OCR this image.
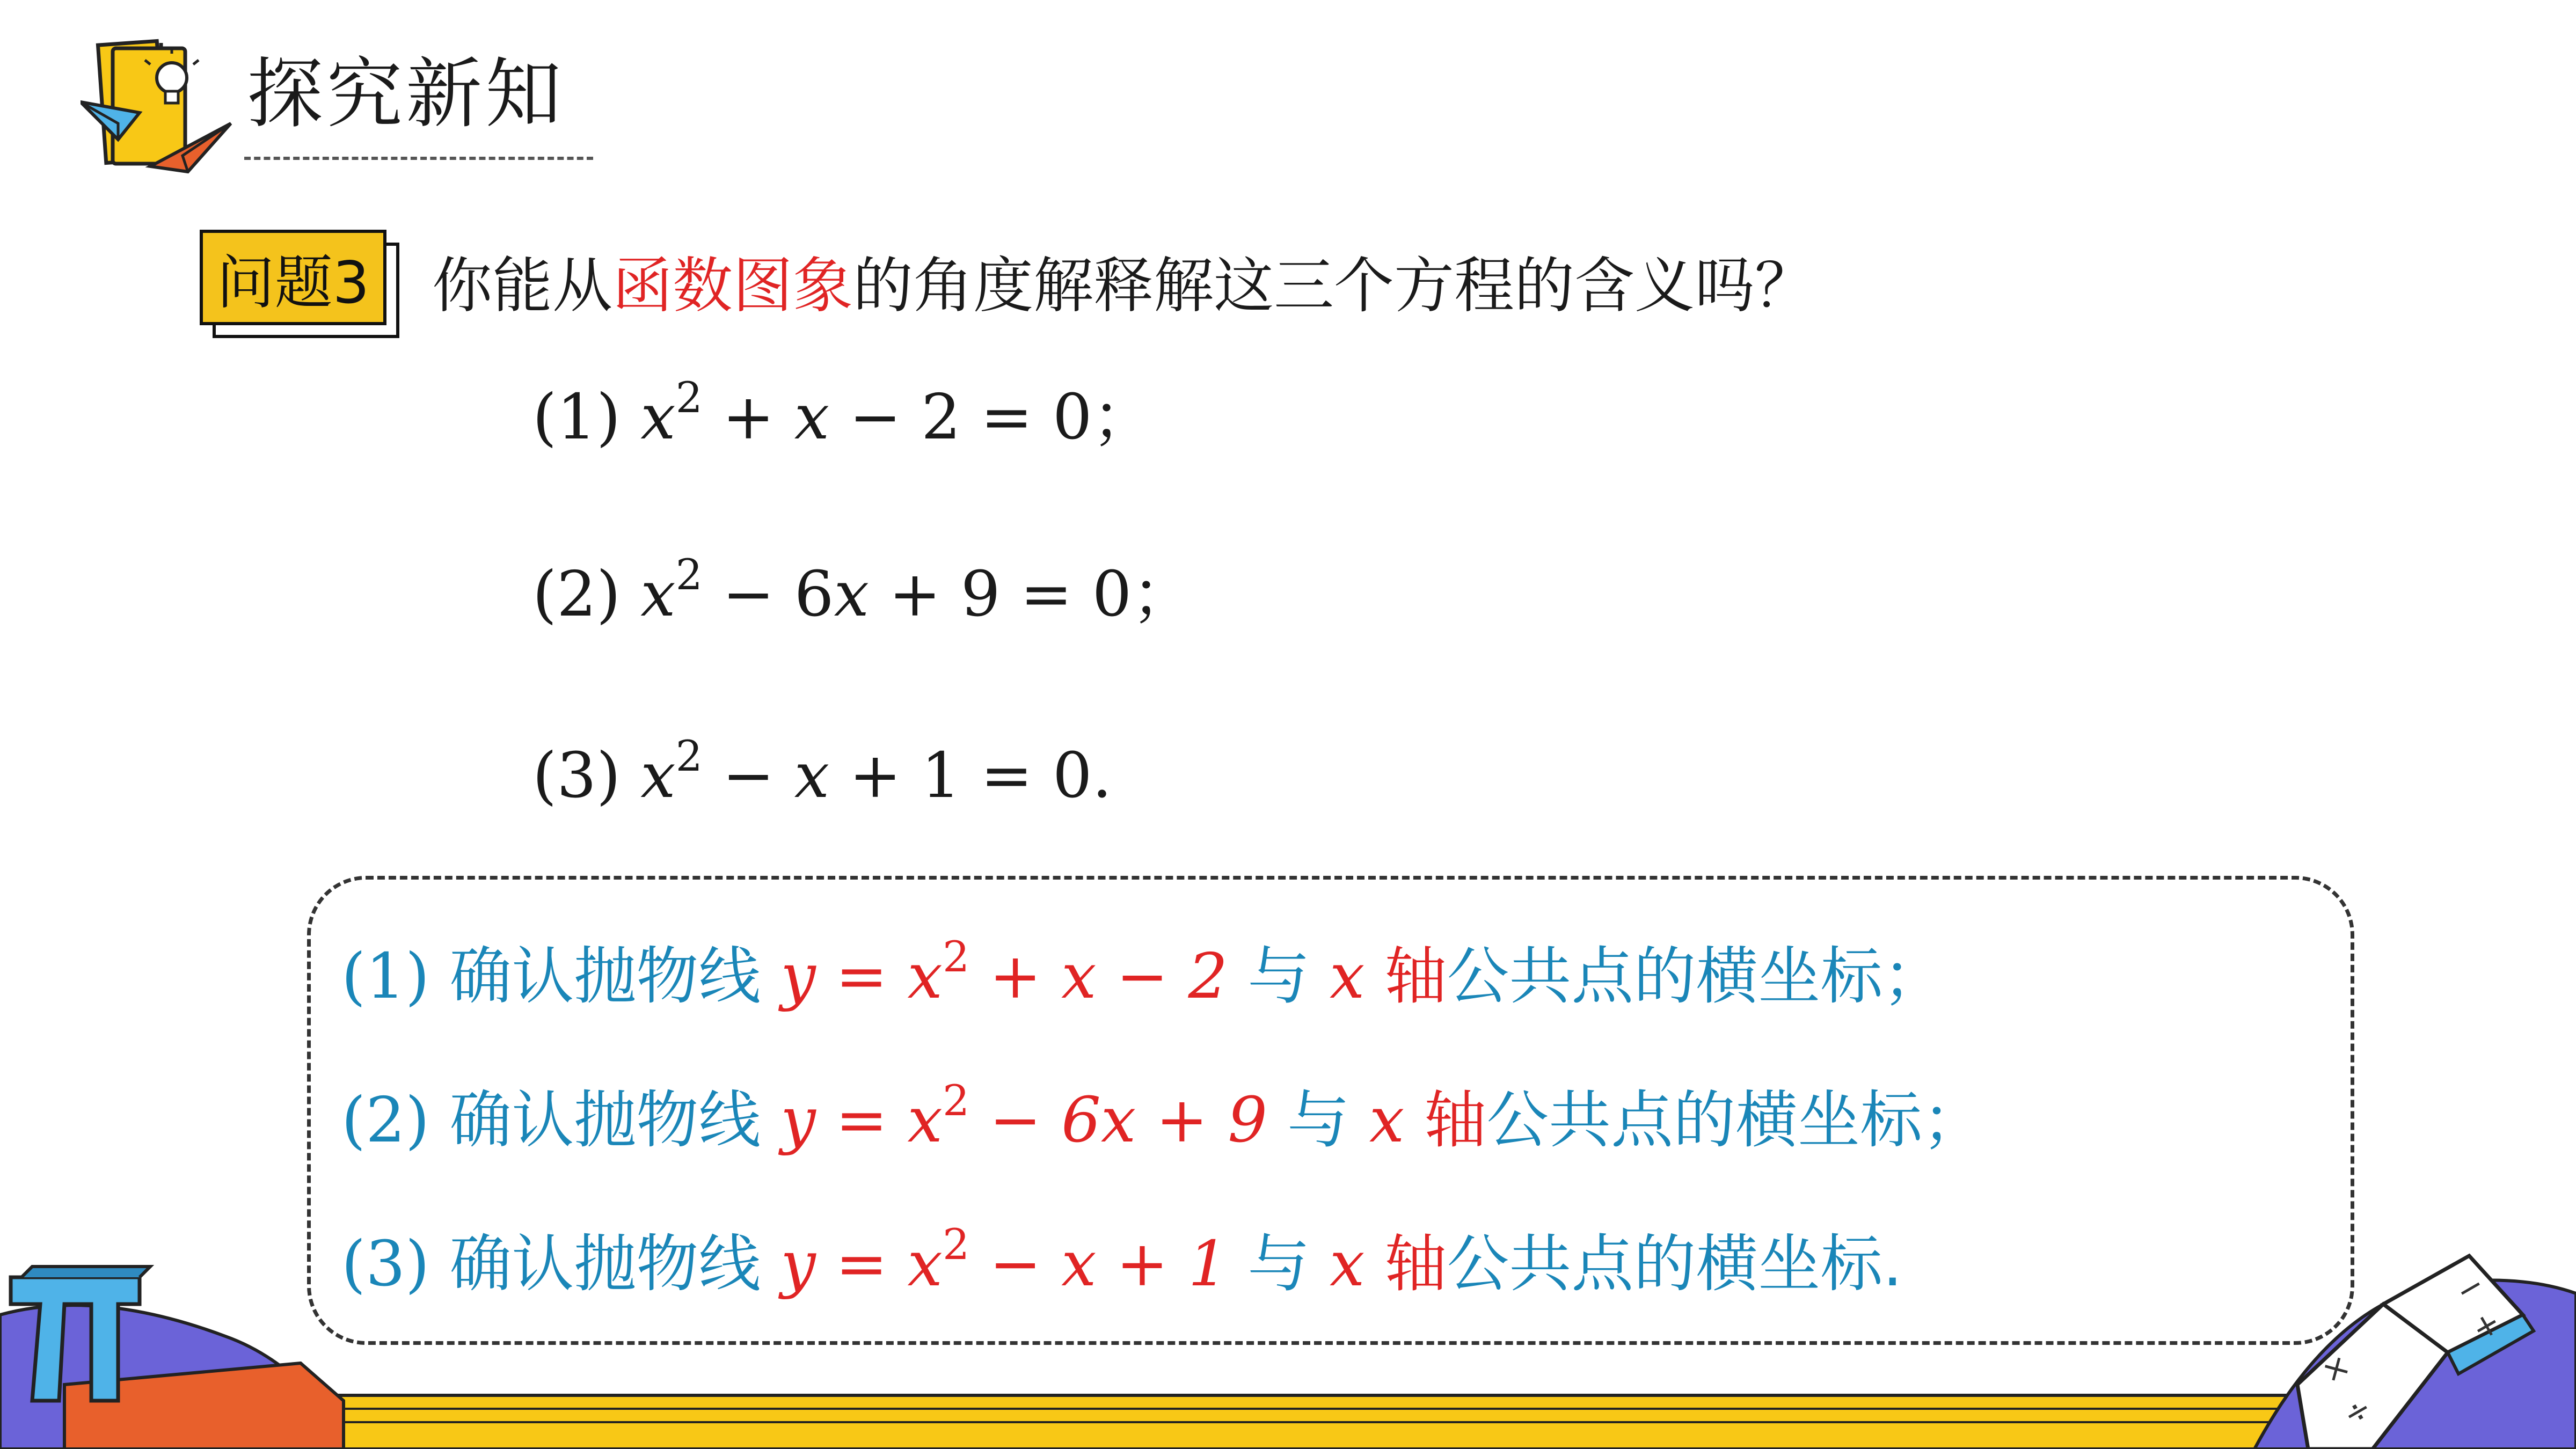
探究新知
问题3 你能从函数图象的角度解释解这三个方程的含义吗？
(1) $x^2 + x - 2 = 0$；
(2) $x^2 - 6x + 9 = 0$；
(3) $x^2 - x + 1 = 0$.
(1) 确认抛物线 $y = x^2 + x - 2$ 与 x 轴公共点的横坐标；
(2) 确认抛物线 $y = x^2 - 6x + 9$ 与 x 轴公共点的横坐标；
(3) 确认抛物线 $y = x^2 - x + 1$ 与 x 轴公共点的横坐标.
×
÷
−
+
